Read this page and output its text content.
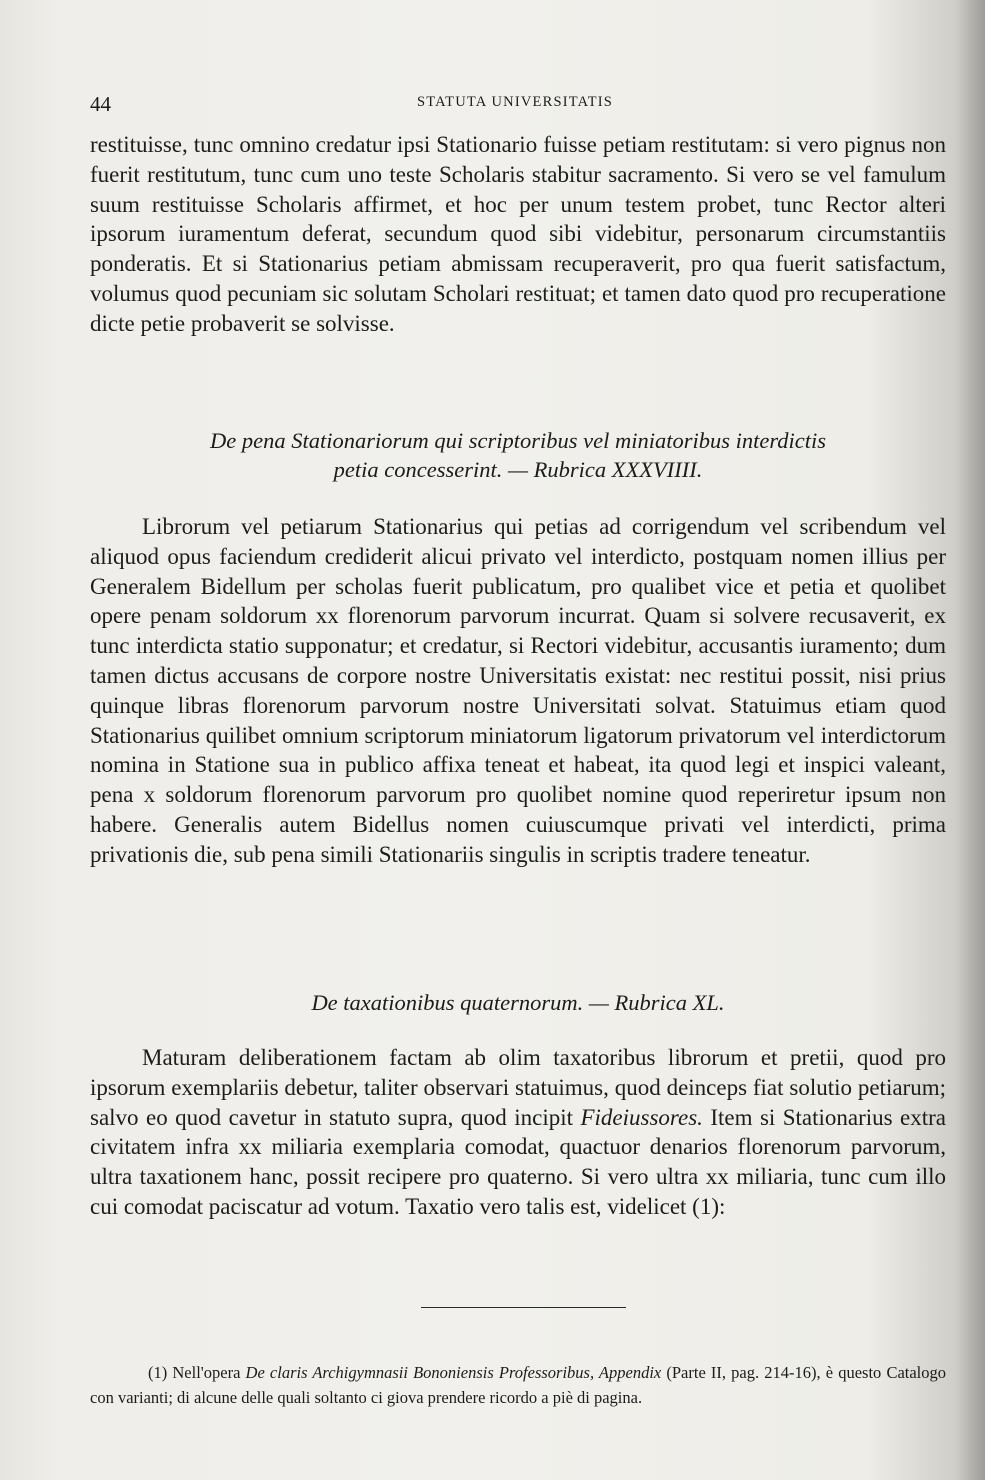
44	STATUTA UNIVERSITATIS

restituisse, tunc omnino credatur ipsi Stationario fuisse petiam restitutam: si vero pignus non fuerit restitutum, tunc cum uno teste Scholaris stabitur sacramento. Si vero se vel famulum suum restituisse Scholaris affirmet, et hoc per unum testem probet, tunc Rector alteri ipsorum iuramentum deferat, secundum quod sibi videbitur, personarum circumstantiis ponderatis. Et si Stationarius petiam abmissam recuperaverit, pro qua fuerit satisfactum, volumus quod pecuniam sic solutam Scholari restituat; et tamen dato quod pro recuperatione dicte petie probaverit se solvisse.

De pena Stationariorum qui scriptoribus vel miniatoribus interdictis
petia concesserint. — Rubrica XXXVIIII.

Librorum vel petiarum Stationarius qui petias ad corrigendum vel scribendum vel aliquod opus faciendum crediderit alicui privato vel interdicto, postquam nomen illius per Generalem Bidellum per scholas fuerit publicatum, pro qualibet vice et petia et quolibet opere penam soldorum xx florenorum parvorum incurrat. Quam si solvere recusaverit, ex tunc interdicta statio supponatur; et credatur, si Rectori videbitur, accusantis iuramento; dum tamen dictus accusans de corpore nostre Universitatis existat: nec restitui possit, nisi prius quinque libras florenorum parvorum nostre Universitati solvat. Statuimus etiam quod Stationarius quilibet omnium scriptorum miniatorum ligatorum privatorum vel interdictorum nomina in Statione sua in publico affixa teneat et habeat, ita quod legi et inspici valeant, pena x soldorum florenorum parvorum pro quolibet nomine quod reperiretur ipsum non habere. Generalis autem Bidellus nomen cuiuscumque privati vel interdicti, prima privationis die, sub pena simili Stationariis singulis in scriptis tradere teneatur.

De taxationibus quaternorum. — Rubrica XL.

Maturam deliberationem factam ab olim taxatoribus librorum et pretii, quod pro ipsorum exemplariis debetur, taliter observari statuimus, quod deinceps fiat solutio petiarum; salvo eo quod cavetur in statuto supra, quod incipit Fideiussores. Item si Stationarius extra civitatem infra xx miliaria exemplaria comodat, quactuor denarios florenorum parvorum, ultra taxationem hanc, possit recipere pro quaterno. Si vero ultra xx miliaria, tunc cum illo cui comodat paciscatur ad votum. Taxatio vero talis est, videlicet (1):

(1) Nell'opera De claris Archigymnasii Bononiensis Professoribus, Appendix (Parte II, pag. 214-16), è questo Catalogo con varianti; di alcune delle quali soltanto ci giova prendere ricordo a piè di pagina.
